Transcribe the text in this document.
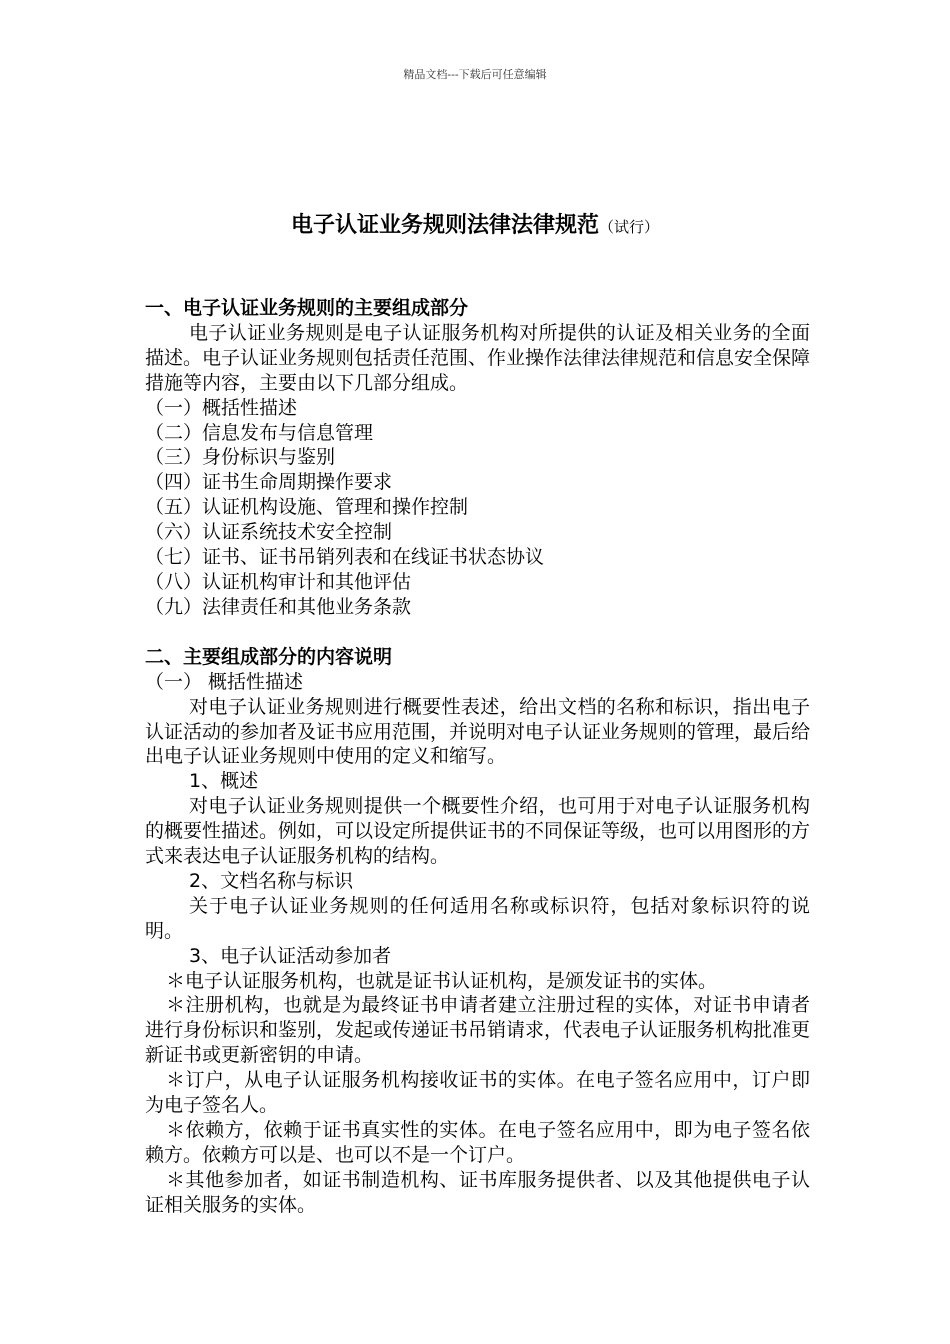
精品文档---下载后可任意编辑
电子认证业务规则法律法律规范（试行）

一、电子认证业务规则的主要组成部分

电子认证业务规则是电子认证服务机构对所提供的认证及相关业务的全面描述。电子认证业务规则包括责任范围、作业操作法律法律规范和信息安全保障措施等内容，主要由以下几部分组成。

（一）概括性描述

（二）信息发布与信息管理

（三）身份标识与鉴别

（四）证书生命周期操作要求

（五）认证机构设施、管理和操作控制

（六）认证系统技术安全控制

（七）证书、证书吊销列表和在线证书状态协议

（八）认证机构审计和其他评估

（九）法律责任和其他业务条款

二、主要组成部分的内容说明

（一） 概括性描述

对电子认证业务规则进行概要性表述，给出文档的名称和标识，指出电子认证活动的参加者及证书应用范围，并说明对电子认证业务规则的管理，最后给出电子认证业务规则中使用的定义和缩写。

1、概述

对电子认证业务规则提供一个概要性介绍，也可用于对电子认证服务机构的概要性描述。例如，可以设定所提供证书的不同保证等级，也可以用图形的方式来表达电子认证服务机构的结构。

2、文档名称与标识

关于电子认证业务规则的任何适用名称或标识符，包括对象标识符的说明。

3、电子认证活动参加者

＊电子认证服务机构，也就是证书认证机构，是颁发证书的实体。

＊注册机构，也就是为最终证书申请者建立注册过程的实体，对证书申请者进行身份标识和鉴别，发起或传递证书吊销请求，代表电子认证服务机构批准更新证书或更新密钥的申请。

＊订户，从电子认证服务机构接收证书的实体。在电子签名应用中，订户即为电子签名人。

＊依赖方，依赖于证书真实性的实体。在电子签名应用中，即为电子签名依赖方。依赖方可以是、也可以不是一个订户。

＊其他参加者，如证书制造机构、证书库服务提供者、以及其他提供电子认证相关服务的实体。
